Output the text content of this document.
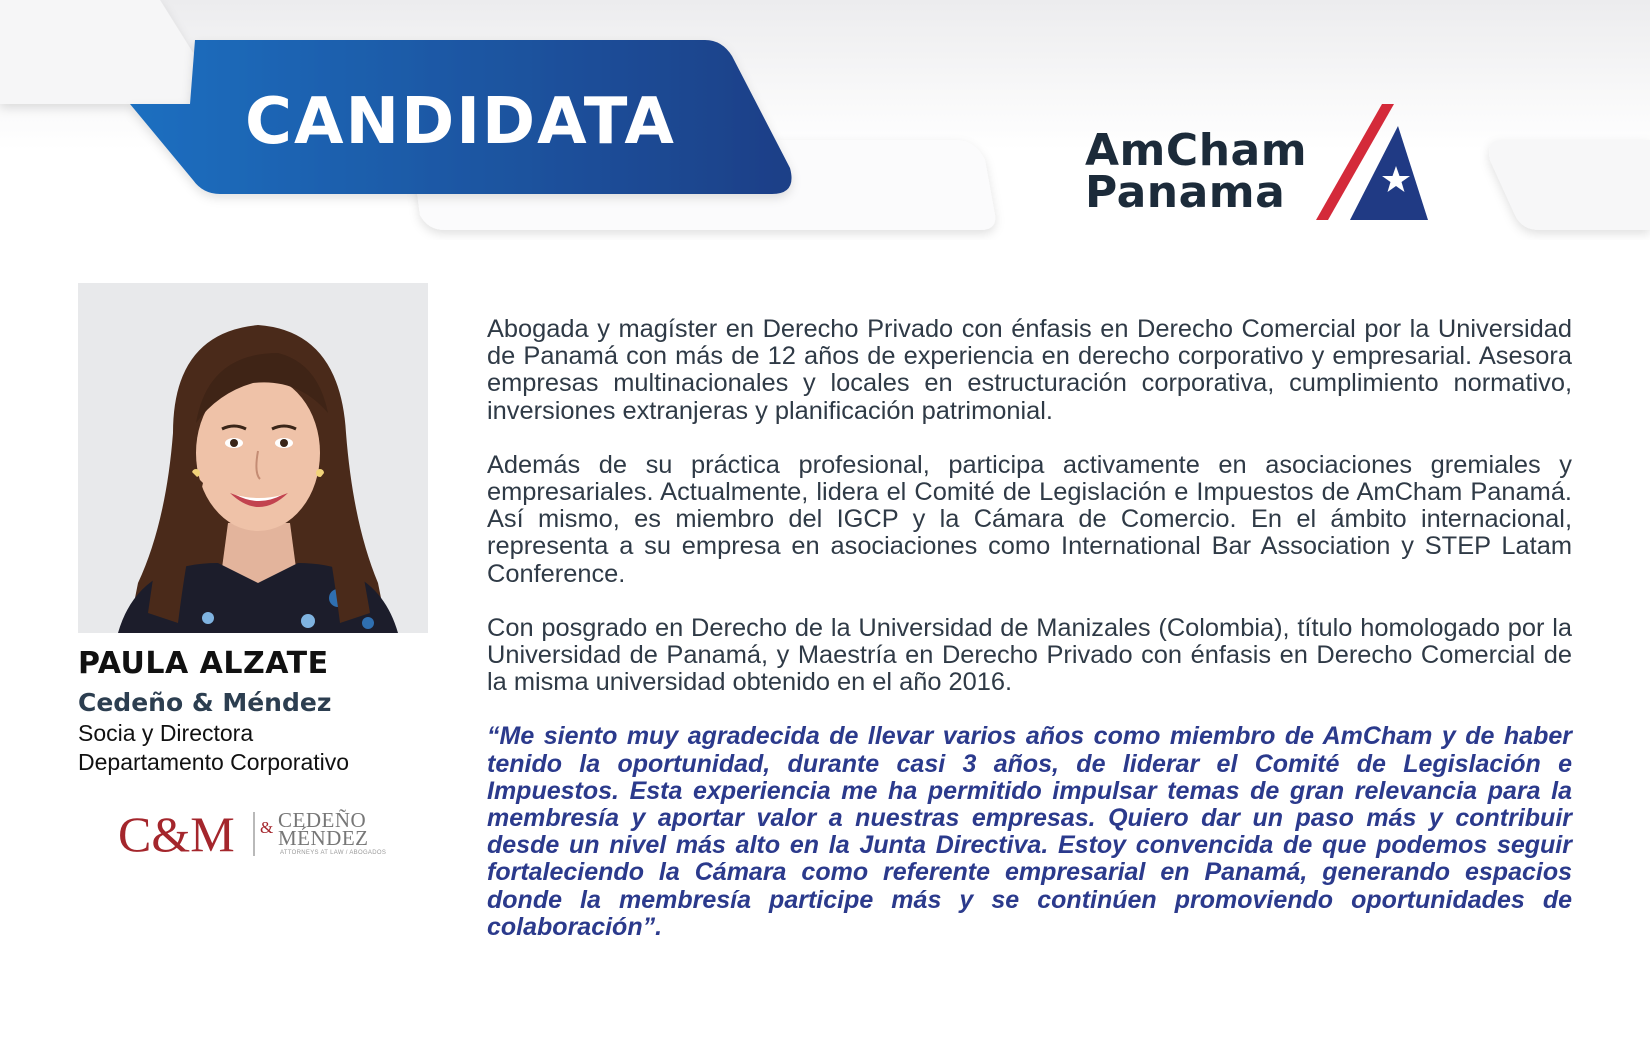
CANDIDATA	AmCham
Panama
PAULA ALZATE
Cedeño & Méndez
Socia y Directora
Departamento Corporativo
C&M & CEDEÑO
MÉNDEZ
ATTORNEYS AT LAW / ABOGADOS

Abogada y magíster en Derecho Privado con énfasis en Derecho Comercial por la Universidad de Panamá con más de 12 años de experiencia en derecho corporativo y empresarial. Asesora empresas multinacionales y locales en estructuración corporativa, cumplimiento normativo, inversiones extranjeras y planificación patrimonial.

Además de su práctica profesional, participa activamente en asociaciones gremiales y empresariales. Actualmente, lidera el Comité de Legislación e Impuestos de AmCham Panamá. Así mismo, es miembro del IGCP y la Cámara de Comercio. En el ámbito internacional, representa a su empresa en asociaciones como International Bar Association y STEP Latam Conference.

Con posgrado en Derecho de la Universidad de Manizales (Colombia), título homologado por la Universidad de Panamá, y Maestría en Derecho Privado con énfasis en Derecho Comercial de la misma universidad obtenido en el año 2016.

“Me siento muy agradecida de llevar varios años como miembro de AmCham y de haber tenido la oportunidad, durante casi 3 años, de liderar el Comité de Legislación e Impuestos. Esta experiencia me ha permitido impulsar temas de gran relevancia para la membresía y aportar valor a nuestras empresas. Quiero dar un paso más y contribuir desde un nivel más alto en la Junta Directiva. Estoy convencida de que podemos seguir fortaleciendo la Cámara como referente empresarial en Panamá, generando espacios donde la membresía participe más y se continúen promoviendo oportunidades de colaboración”.
